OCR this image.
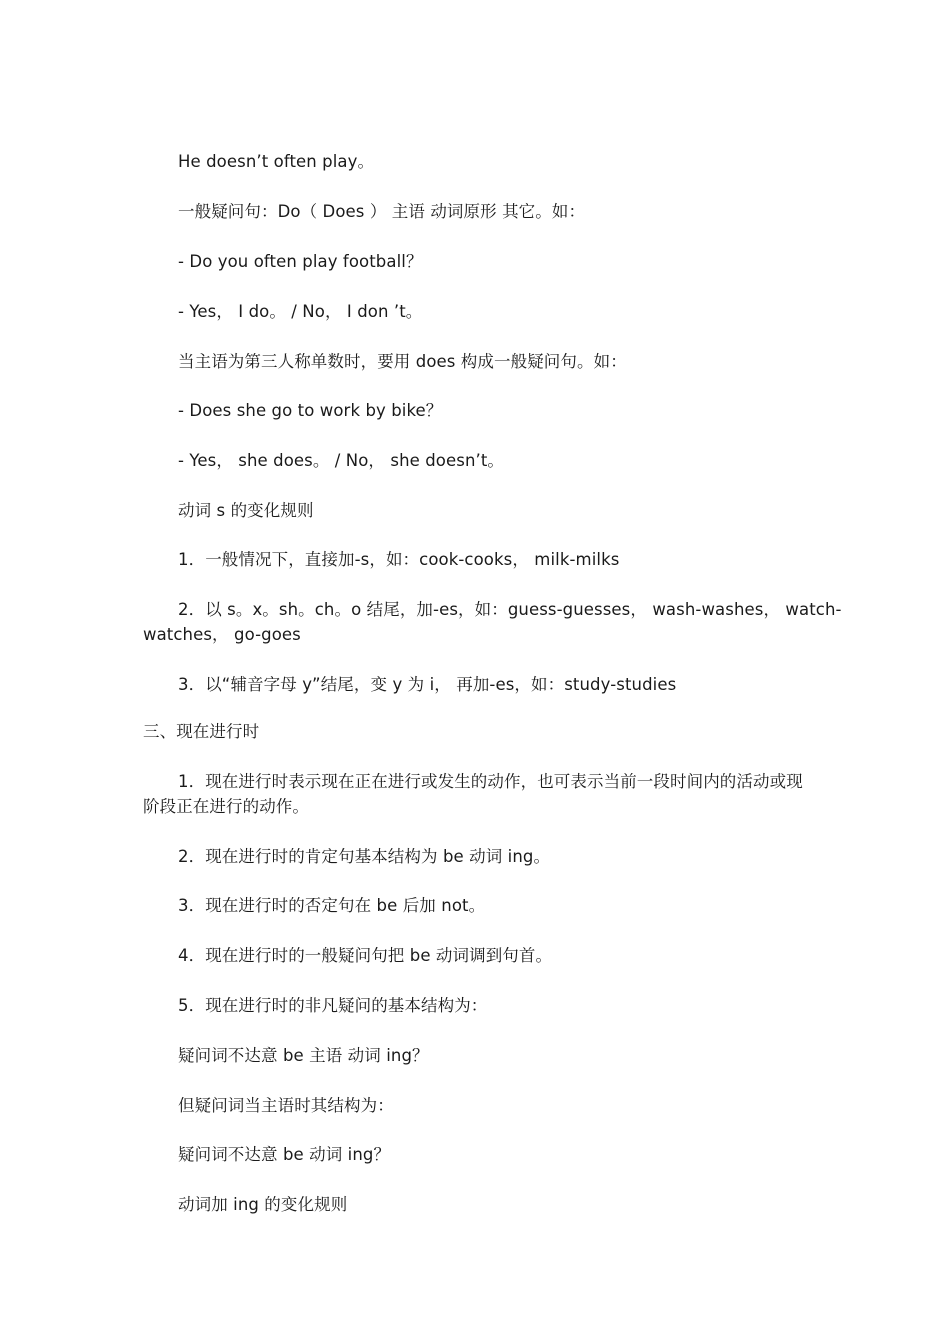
He doesn’t often play。
一般疑问句：Do（ Does ） 主语 动词原形 其它。如：
- Do you often play football？
- Yes， I do。 / No， I don ’t。
当主语为第三人称单数时，要用 does 构成一般疑问句。如：
- Does she go to work by bike？
- Yes， she does。 / No， she doesn’t。
动词 s 的变化规则
1．一般情况下，直接加-s，如：cook-cooks， milk-milks
2．以 s。x。sh。ch。o 结尾，加-es，如：guess-guesses， wash-washes， watch-
watches， go-goes
3．以“辅音字母 y”结尾，变 y 为 i， 再加-es，如：study-studies
三、现在进行时
1．现在进行时表示现在正在进行或发生的动作，也可表示当前一段时间内的活动或现
阶段正在进行的动作。
2．现在进行时的肯定句基本结构为 be 动词 ing。
3．现在进行时的否定句在 be 后加 not。
4．现在进行时的一般疑问句把 be 动词调到句首。
5．现在进行时的非凡疑问的基本结构为：
疑问词不达意 be 主语 动词 ing？
但疑问词当主语时其结构为：
疑问词不达意 be 动词 ing？
动词加 ing 的变化规则
